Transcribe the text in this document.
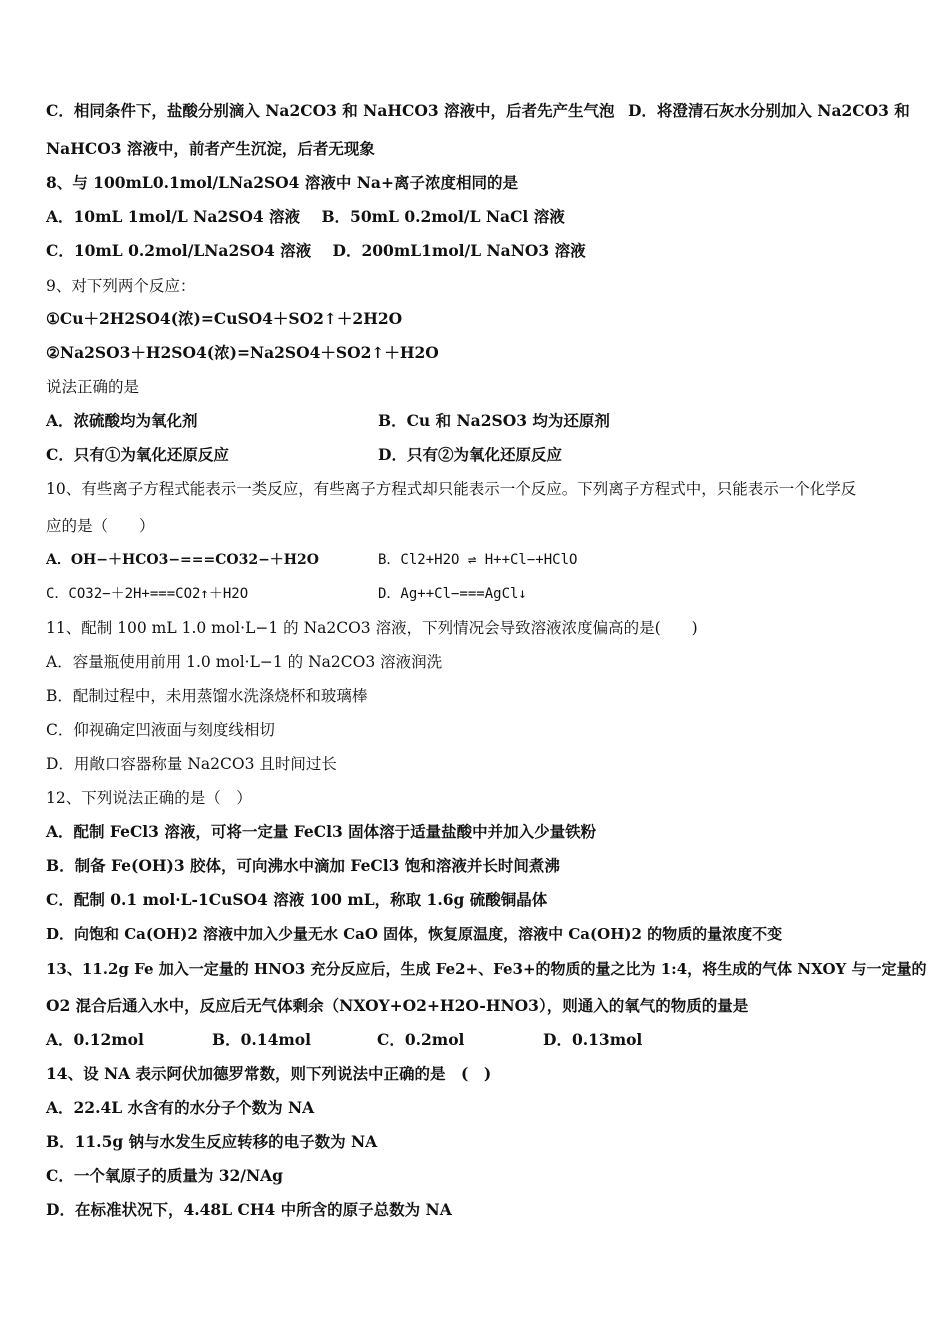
C．相同条件下，盐酸分别滴入 Na2CO3 和 NaHCO3 溶液中，后者先产生气泡 D．将澄清石灰水分别加入 Na2CO3 和
NaHCO3 溶液中，前者产生沉淀，后者无现象
8、与 100mL0.1mol/LNa2SO4 溶液中 Na+离子浓度相同的是
A．10mL 1mol/L Na2SO4 溶液 B．50mL 0.2mol/L NaCl 溶液
C．10mL 0.2mol/LNa2SO4 溶液 D．200mL1mol/L NaNO3 溶液
9、对下列两个反应：
①Cu＋2H2SO4(浓)=CuSO4＋SO2↑＋2H2O
②Na2SO3＋H2SO4(浓)=Na2SO4＋SO2↑＋H2O
说法正确的是
A．浓硫酸均为氧化剂	B．Cu 和 Na2SO3 均为还原剂
C．只有①为氧化还原反应	D．只有②为氧化还原反应
10、有些离子方程式能表示一类反应，有些离子方程式却只能表示一个反应。下列离子方程式中，只能表示一个化学反
应的是（　　）
A．OH−＋HCO3−===CO32−＋H2O	B．Cl2+H2O ⇌ H++Cl−+HClO
C．CO32−＋2H+===CO2↑＋H2O	D．Ag++Cl−===AgCl↓
11、配制 100 mL 1.0 mol·L−1 的 Na2CO3 溶液，下列情况会导致溶液浓度偏高的是(　　)
A．容量瓶使用前用 1.0 mol·L−1 的 Na2CO3 溶液润洗
B．配制过程中，未用蒸馏水洗涤烧杯和玻璃棒
C．仰视确定凹液面与刻度线相切
D．用敞口容器称量 Na2CO3 且时间过长
12、下列说法正确的是（　）
A．配制 FeCl3 溶液，可将一定量 FeCl3 固体溶于适量盐酸中并加入少量铁粉
B．制备 Fe(OH)3 胶体，可向沸水中滴加 FeCl3 饱和溶液并长时间煮沸
C．配制 0.1 mol·L-1CuSO4 溶液 100 mL，称取 1.6g 硫酸铜晶体
D．向饱和 Ca(OH)2 溶液中加入少量无水 CaO 固体，恢复原温度，溶液中 Ca(OH)2 的物质的量浓度不变
13、11.2g Fe 加入一定量的 HNO3 充分反应后，生成 Fe2+、Fe3+的物质的量之比为 1:4，将生成的气体 NXOY 与一定量的
O2 混合后通入水中，反应后无气体剩余（NXOY+O2+H2O-HNO3），则通入的氧气的物质的量是
A．0.12mol	B．0.14mol	C．0.2mol	D．0.13mol
14、设 NA 表示阿伏加德罗常数，则下列说法中正确的是　(　)
A．22.4L 水含有的水分子个数为 NA
B．11.5g 钠与水发生反应转移的电子数为 NA
C．一个氧原子的质量为 32/NAg
D．在标准状况下，4.48L CH4 中所含的原子总数为 NA
